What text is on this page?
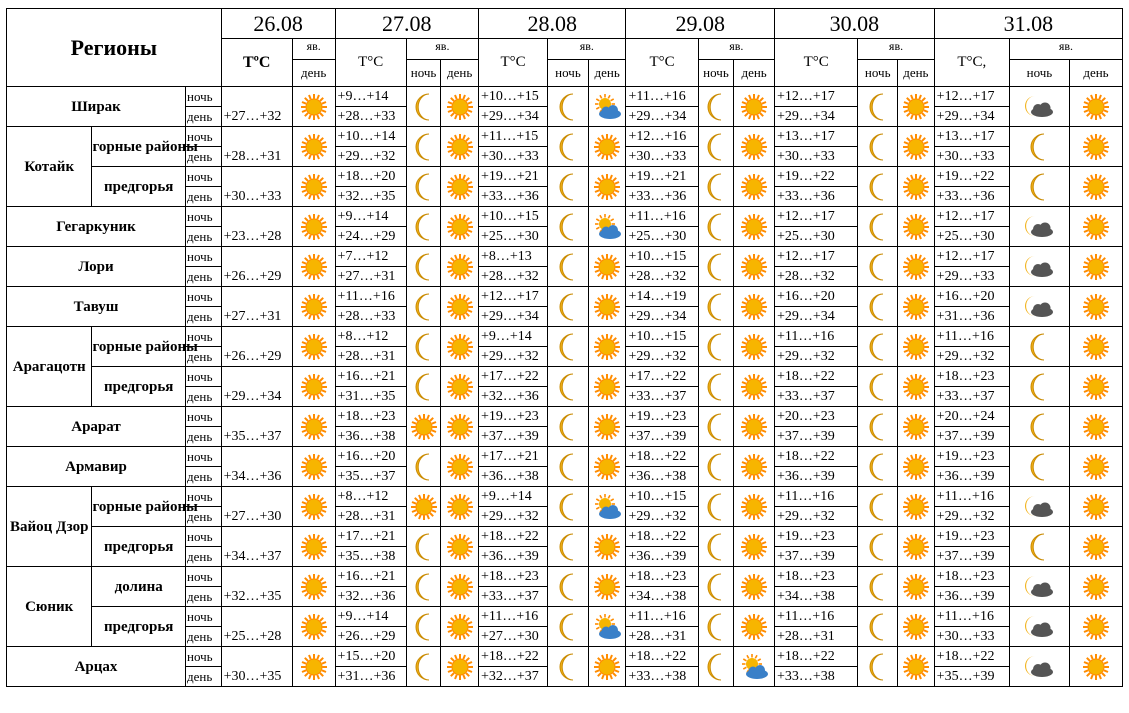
Регионы			26.08		27.08			28.08			29.08			30.08			31.08		
			TºC	яв.	T°C	яв.		T°C	яв.		T°C	яв.		T°C	яв.		T°C,	яв.	
				день		ночь	день		ночь	день		ночь	день		ночь	день		ночь	день
Ширак		ночь	+27…+32		+9…+14			+10…+15			+11…+16			+12…+17			+12…+17	

		день			+28…+33			+29…+34			+29…+34			+29…+34			+29…+34		
Котайк	горные районы	ночь	+28…+31		+10…+14			+11…+15			+12…+16			+13…+17			+13…+17	

		день			+29…+32			+30…+33			+30…+33			+30…+33			+30…+33		
	предгорья	ночь	+30…+33		+18…+20			+19…+21			+19…+21			+19…+22			+19…+22	

		день			+32…+35			+33…+36			+33…+36			+33…+36			+33…+36		
Гегаркуник		ночь	+23…+28		+9…+14			+10…+15			+11…+16			+12…+17			+12…+17	

		день			+24…+29			+25…+30			+25…+30			+25…+30			+25…+30		
Лори		ночь	+26…+29		+7…+12			+8…+13			+10…+15			+12…+17			+12…+17	

		день			+27…+31			+28…+32			+28…+32			+28…+32			+29…+33		
Тавуш		ночь	+27…+31		+11…+16			+12…+17			+14…+19			+16…+20			+16…+20	

		день			+28…+33			+29…+34			+29…+34			+29…+34			+31…+36		
Арагацотн	горные районы	ночь	+26…+29		+8…+12			+9…+14			+10…+15			+11…+16			+11…+16	

		день			+28…+31			+29…+32			+29…+32			+29…+32			+29…+32		
	предгорья	ночь	+29…+34		+16…+21			+17…+22			+17…+22			+18…+22			+18…+23	

		день			+31…+35			+32…+36			+33…+37			+33…+37			+33…+37		
Арарат		ночь	+35…+37		+18…+23			+19…+23			+19…+23			+20…+23			+20…+24	

		день			+36…+38			+37…+39			+37…+39			+37…+39			+37…+39		
Армавир		ночь	+34…+36		+16…+20			+17…+21			+18…+22			+18…+22			+19…+23	

		день			+35…+37			+36…+38			+36…+38			+36…+39			+36…+39		
Вайоц Дзор	горные районы	ночь	+27…+30		+8…+12			+9…+14			+10…+15			+11…+16			+11…+16	

		день			+28…+31			+29…+32			+29…+32			+29…+32			+29…+32		
	предгорья	ночь	+34…+37		+17…+21			+18…+22			+18…+22			+19…+23			+19…+23	

		день			+35…+38			+36…+39			+36…+39			+37…+39			+37…+39		
Сюник	долина	ночь	+32…+35		+16…+21			+18…+23			+18…+23			+18…+23			+18…+23	

		день			+32…+36			+33…+37			+34…+38			+34…+38			+36…+39		
	предгорья	ночь	+25…+28		+9…+14			+11…+16			+11…+16			+11…+16			+11…+16	

		день			+26…+29			+27…+30			+28…+31			+28…+31			+30…+33		
Арцах		ночь	+30…+35		+15…+20			+18…+22			+18…+22			+18…+22			+18…+22	

		день			+31…+36			+32…+37			+33…+38			+33…+38			+35…+39		
